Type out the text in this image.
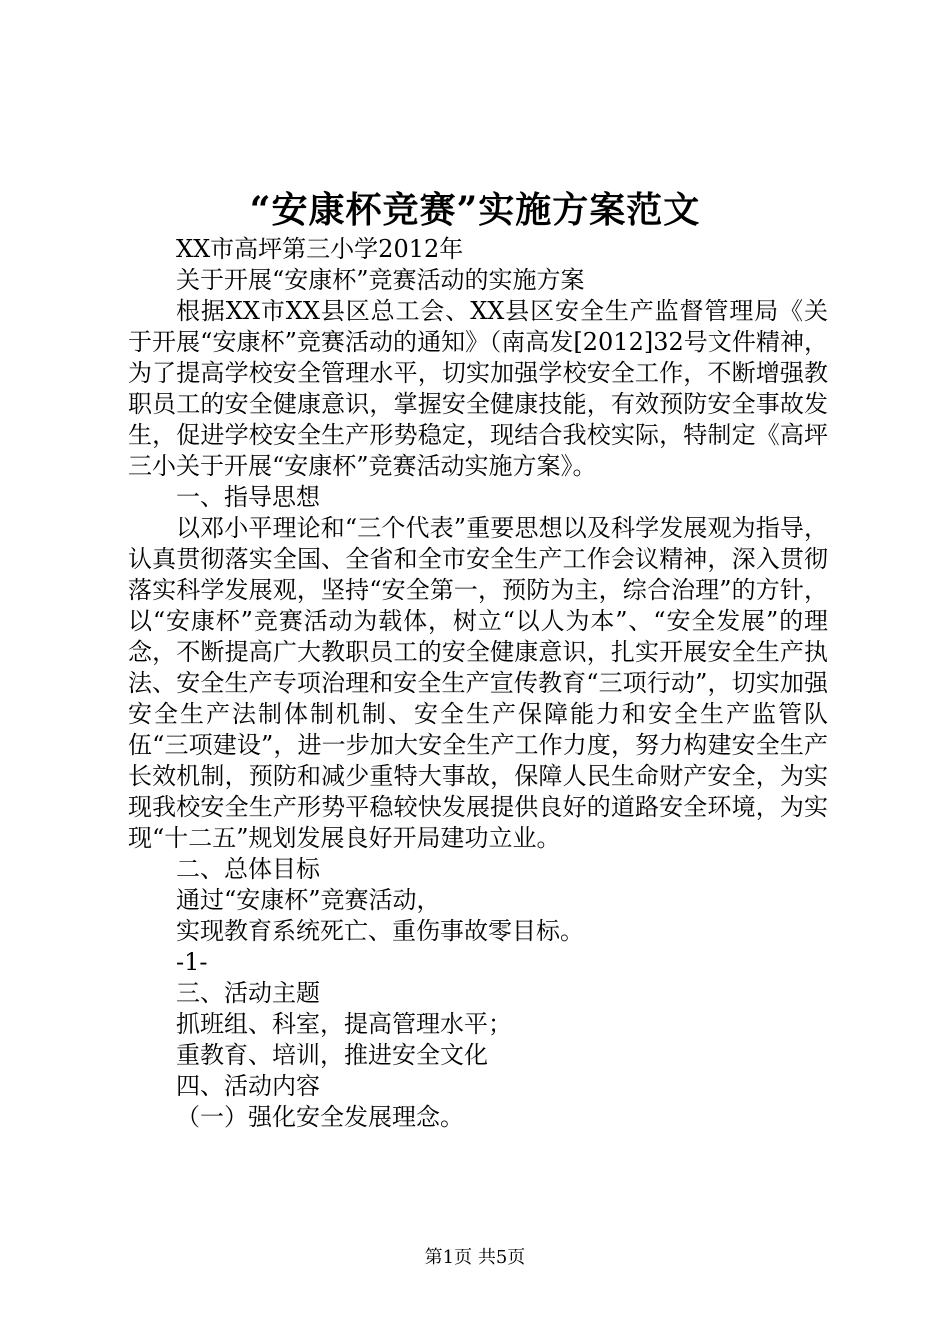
“安康杯竞赛”实施方案范文

XX市高坪第三小学2012年

关于开展“安康杯”竞赛活动的实施方案

根据XX市XX县区总工会、XX县区安全生产监督管理局《关于开展“安康杯”竞赛活动的通知》（南高发[2012]32号文件精神，为了提高学校安全管理水平，切实加强学校安全工作，不断增强教职员工的安全健康意识，掌握安全健康技能，有效预防安全事故发生，促进学校安全生产形势稳定，现结合我校实际，特制定《高坪三小关于开展“安康杯”竞赛活动实施方案》。

一、指导思想

以邓小平理论和“三个代表”重要思想以及科学发展观为指导，认真贯彻落实全国、全省和全市安全生产工作会议精神，深入贯彻落实科学发展观，坚持“安全第一，预防为主，综合治理”的方针，以“安康杯”竞赛活动为载体，树立“以人为本”、“安全发展”的理念，不断提高广大教职员工的安全健康意识，扎实开展安全生产执法、安全生产专项治理和安全生产宣传教育“三项行动”，切实加强安全生产法制体制机制、安全生产保障能力和安全生产监管队伍“三项建设”，进一步加大安全生产工作力度，努力构建安全生产长效机制，预防和减少重特大事故，保障人民生命财产安全，为实现我校安全生产形势平稳较快发展提供良好的道路安全环境，为实现“十二五”规划发展良好开局建功立业。

二、总体目标

通过“安康杯”竞赛活动，

实现教育系统死亡、重伤事故零目标。

-1-

三、活动主题

抓班组、科室，提高管理水平；

重教育、培训，推进安全文化

四、活动内容

（一）强化安全发展理念。

第1页 共5页
